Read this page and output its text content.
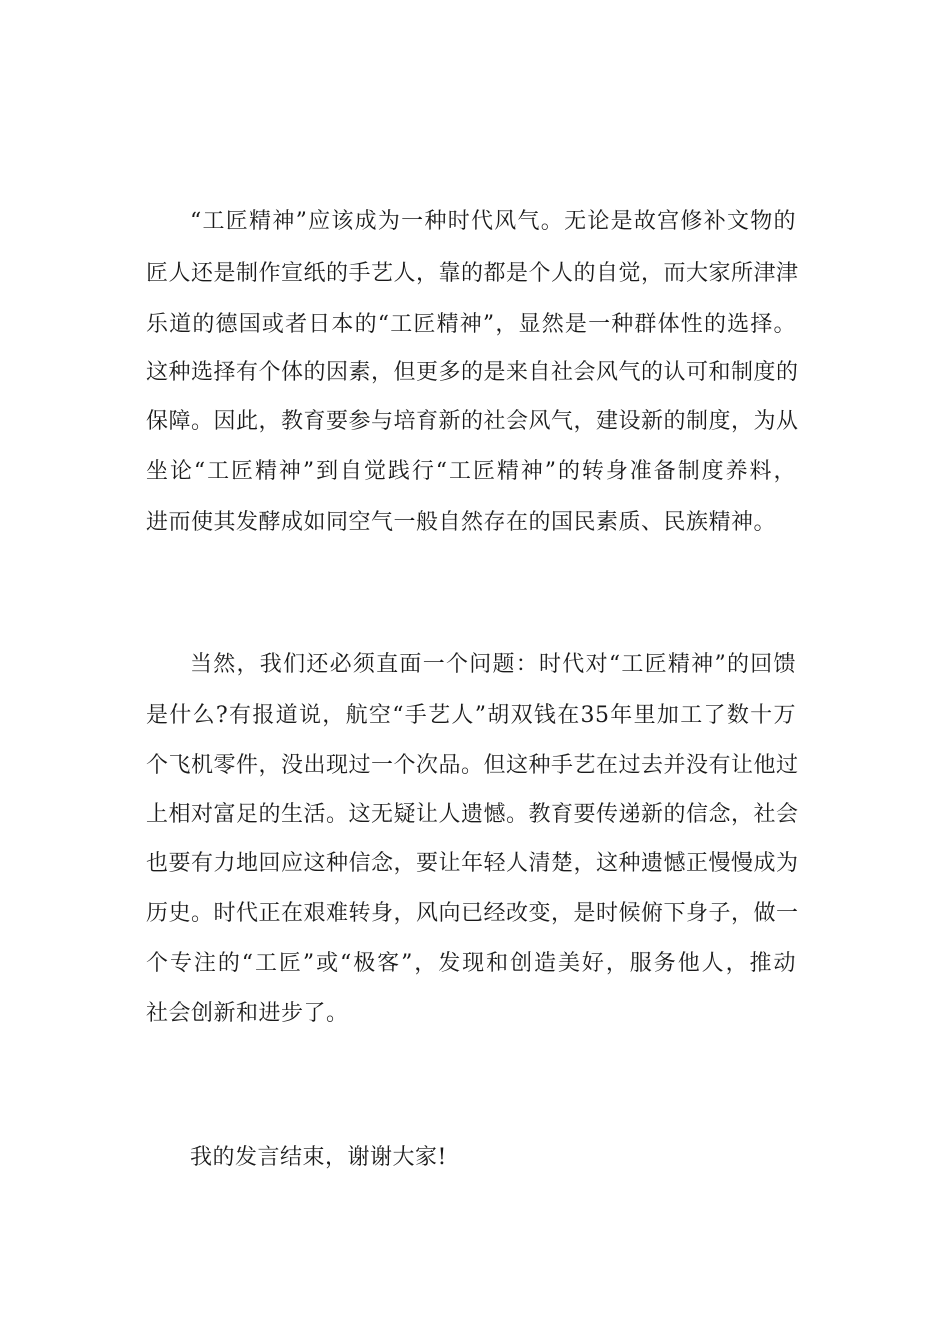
“工匠精神”应该成为一种时代风气。无论是故宫修补文物的
匠人还是制作宣纸的手艺人，靠的都是个人的自觉，而大家所津津
乐道的德国或者日本的“工匠精神”，显然是一种群体性的选择。
这种选择有个体的因素，但更多的是来自社会风气的认可和制度的
保障。因此，教育要参与培育新的社会风气，建设新的制度，为从
坐论“工匠精神”到自觉践行“工匠精神”的转身准备制度养料，
进而使其发酵成如同空气一般自然存在的国民素质、民族精神。
当然，我们还必须直面一个问题：时代对“工匠精神”的回馈
是什么?有报道说，航空“手艺人”胡双钱在35年里加工了数十万
个飞机零件，没出现过一个次品。但这种手艺在过去并没有让他过
上相对富足的生活。这无疑让人遗憾。教育要传递新的信念，社会
也要有力地回应这种信念，要让年轻人清楚，这种遗憾正慢慢成为
历史。时代正在艰难转身，风向已经改变，是时候俯下身子，做一
个专注的“工匠”或“极客”，发现和创造美好，服务他人，推动
社会创新和进步了。
我的发言结束，谢谢大家!
